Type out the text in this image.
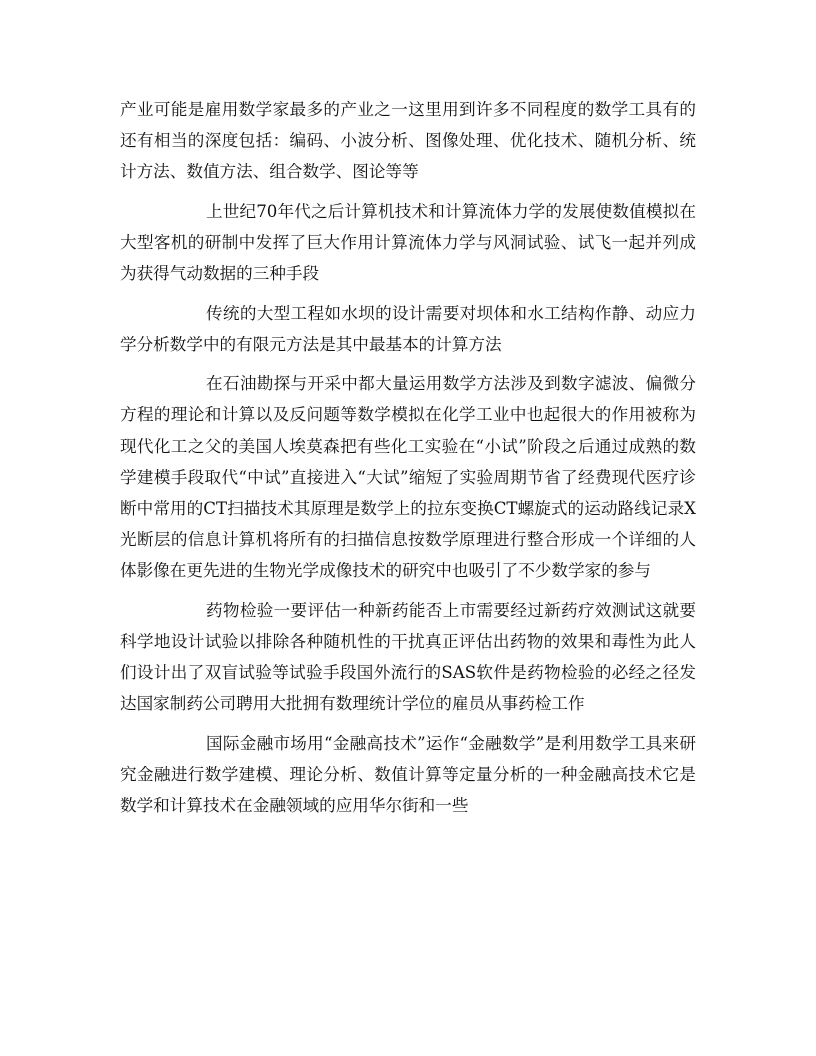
产业可能是雇用数学家最多的产业之一这里用到许多不同程度的数学工具有的还有相当的深度包括：编码、小波分析、图像处理、优化技术、随机分析、统计方法、数值方法、组合数学、图论等等

上世纪70年代之后计算机技术和计算流体力学的发展使数值模拟在大型客机的研制中发挥了巨大作用计算流体力学与风洞试验、试飞一起并列成为获得气动数据的三种手段

传统的大型工程如水坝的设计需要对坝体和水工结构作静、动应力学分析数学中的有限元方法是其中最基本的计算方法

在石油勘探与开采中都大量运用数学方法涉及到数字滤波、偏微分方程的理论和计算以及反问题等数学模拟在化学工业中也起很大的作用被称为现代化工之父的美国人埃莫森把有些化工实验在“小试”阶段之后通过成熟的数学建模手段取代“中试”直接进入“大试”缩短了实验周期节省了经费现代医疗诊断中常用的CT扫描技术其原理是数学上的拉东变换CT螺旋式的运动路线记录X光断层的信息计算机将所有的扫描信息按数学原理进行整合形成一个详细的人体影像在更先进的生物光学成像技术的研究中也吸引了不少数学家的参与

药物检验一要评估一种新药能否上市需要经过新药疗效测试这就要科学地设计试验以排除各种随机性的干扰真正评估出药物的效果和毒性为此人们设计出了双盲试验等试验手段国外流行的SAS软件是药物检验的必经之径发达国家制药公司聘用大批拥有数理统计学位的雇员从事药检工作

国际金融市场用“金融高技术”运作“金融数学”是利用数学工具来研究金融进行数学建模、理论分析、数值计算等定量分析的一种金融高技术它是数学和计算技术在金融领域的应用华尔街和一些
